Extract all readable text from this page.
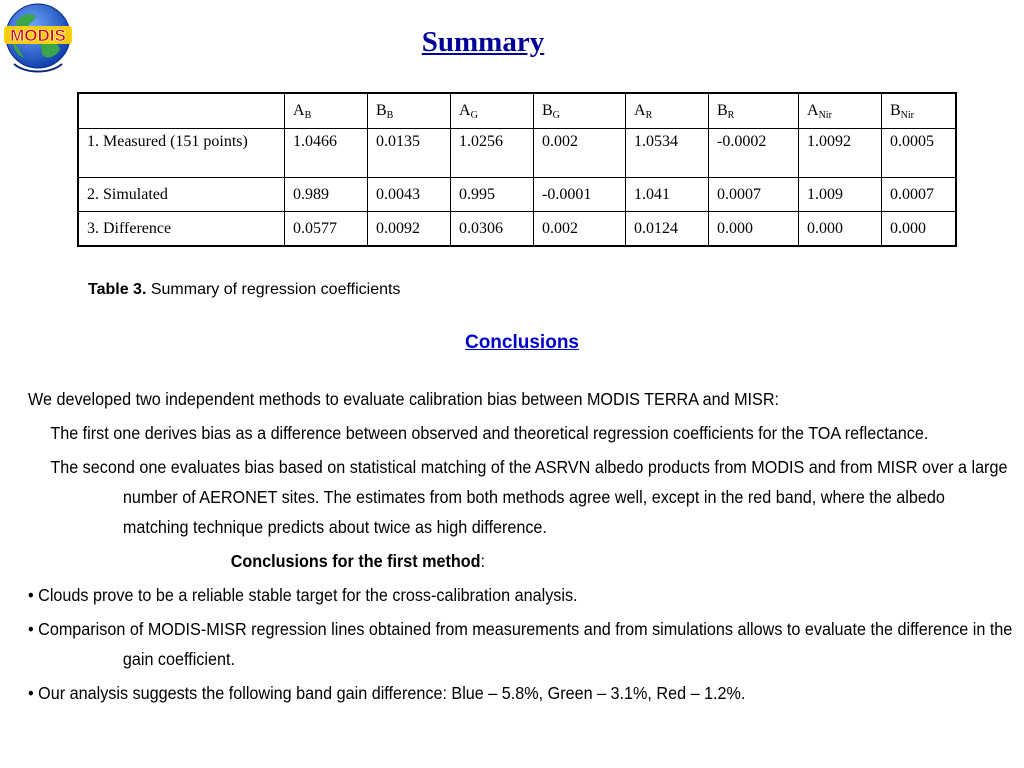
MODIS	Summary
	$A_B$	$B_B$	$A_G$	$B_G$	$A_R$	$B_R$	$A_{Nir}$	$B_{Nir}$
1. Measured (151 points)	1.0466	0.0135	1.0256	0.002	1.0534	-0.0002	1.0092	0.0005
2. Simulated	0.989	0.0043	0.995	-0.0001	1.041	0.0007	1.009	0.0007
3. Difference	0.0577	0.0092	0.0306	0.002	0.0124	0.000	0.000	0.000
Table 3. Summary of regression coefficients
Conclusions

We developed two independent methods to evaluate calibration bias between MODIS TERRA and MISR:

The first one derives bias as a difference between observed and theoretical regression coefficients for the TOA reflectance.

The second one evaluates bias based on statistical matching of the ASRVN albedo products from MODIS and from MISR over a large number of AERONET sites. The estimates from both methods agree well, except in the red band, where the albedo matching technique predicts about twice as high difference.

Conclusions for the first method:

• Clouds prove to be a reliable stable target for the cross-calibration analysis.

• Comparison of MODIS-MISR regression lines obtained from measurements and from simulations allows to evaluate the difference in the gain coefficient.

• Our analysis suggests the following band gain difference: Blue – 5.8%, Green – 3.1%, Red – 1.2%.
